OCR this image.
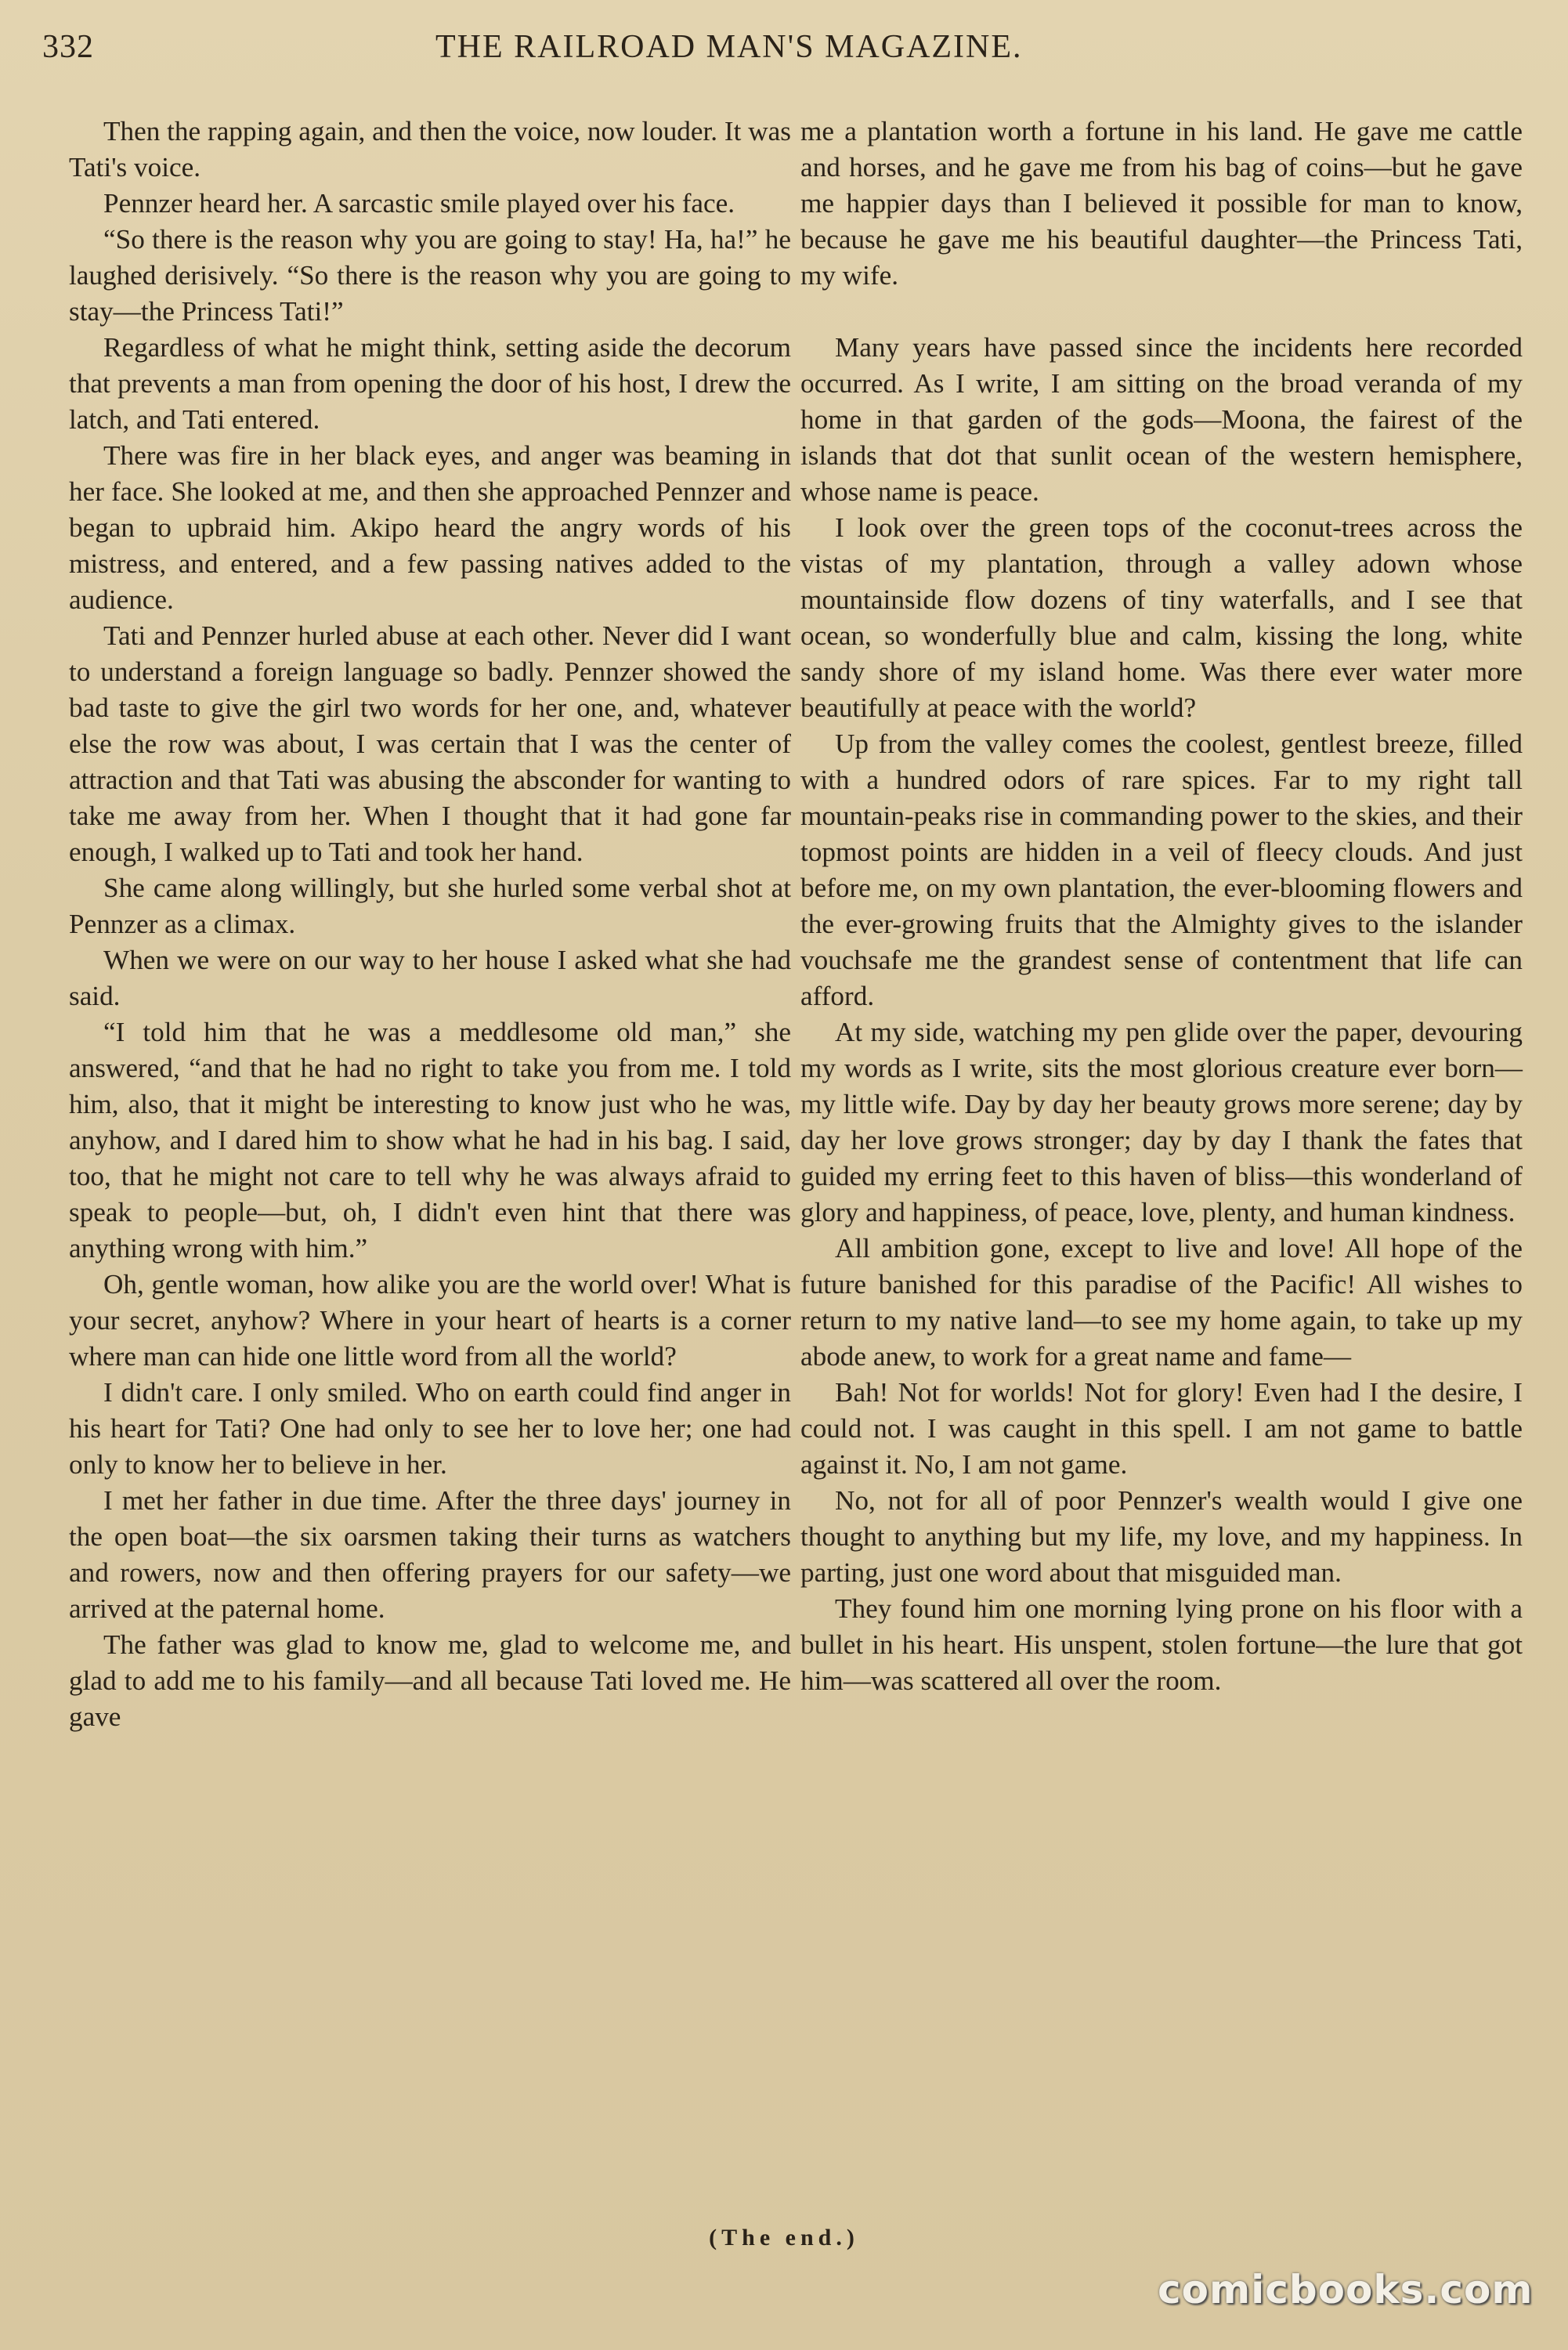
332	THE RAILROAD MAN'S MAGAZINE.

Then the rapping again, and then the voice, now louder. It was Tati's voice.

Pennzer heard her. A sarcastic smile played over his face.

“So there is the reason why you are going to stay! Ha, ha!” he laughed derisively. “So there is the reason why you are going to stay—the Princess Tati!”

Regardless of what he might think, setting aside the decorum that prevents a man from opening the door of his host, I drew the latch, and Tati entered.

There was fire in her black eyes, and anger was beaming in her face. She looked at me, and then she approached Pennzer and began to upbraid him. Akipo heard the angry words of his mistress, and entered, and a few passing natives added to the audience.

Tati and Pennzer hurled abuse at each other. Never did I want to understand a foreign language so badly. Pennzer showed the bad taste to give the girl two words for her one, and, whatever else the row was about, I was certain that I was the center of attraction and that Tati was abusing the absconder for wanting to take me away from her. When I thought that it had gone far enough, I walked up to Tati and took her hand.

She came along willingly, but she hurled some verbal shot at Pennzer as a climax.

When we were on our way to her house I asked what she had said.

“I told him that he was a meddlesome old man,” she answered, “and that he had no right to take you from me. I told him, also, that it might be interesting to know just who he was, anyhow, and I dared him to show what he had in his bag. I said, too, that he might not care to tell why he was always afraid to speak to people—but, oh, I didn't even hint that there was anything wrong with him.”

Oh, gentle woman, how alike you are the world over! What is your secret, anyhow? Where in your heart of hearts is a corner where man can hide one little word from all the world?

I didn't care. I only smiled. Who on earth could find anger in his heart for Tati? One had only to see her to love her; one had only to know her to believe in her.

I met her father in due time. After the three days' journey in the open boat—the six oarsmen taking their turns as watchers and rowers, now and then offering prayers for our safety—we arrived at the paternal home.

The father was glad to know me, glad to welcome me, and glad to add me to his family—and all because Tati loved me. He gave

me a plantation worth a fortune in his land. He gave me cattle and horses, and he gave me from his bag of coins—but he gave me happier days than I believed it possible for man to know, because he gave me his beautiful daughter—the Princess Tati, my wife.

Many years have passed since the incidents here recorded occurred. As I write, I am sitting on the broad veranda of my home in that garden of the gods—Moona, the fairest of the islands that dot that sunlit ocean of the western hemisphere, whose name is peace.

I look over the green tops of the coconut-trees across the vistas of my plantation, through a valley adown whose mountainside flow dozens of tiny waterfalls, and I see that ocean, so wonderfully blue and calm, kissing the long, white sandy shore of my island home. Was there ever water more beautifully at peace with the world?

Up from the valley comes the coolest, gentlest breeze, filled with a hundred odors of rare spices. Far to my right tall mountain-peaks rise in commanding power to the skies, and their topmost points are hidden in a veil of fleecy clouds. And just before me, on my own plantation, the ever-blooming flowers and the ever-growing fruits that the Almighty gives to the islander vouchsafe me the grandest sense of contentment that life can afford.

At my side, watching my pen glide over the paper, devouring my words as I write, sits the most glorious creature ever born—my little wife. Day by day her beauty grows more serene; day by day her love grows stronger; day by day I thank the fates that guided my erring feet to this haven of bliss—this wonderland of glory and happiness, of peace, love, plenty, and human kindness.

All ambition gone, except to live and love! All hope of the future banished for this paradise of the Pacific! All wishes to return to my native land—to see my home again, to take up my abode anew, to work for a great name and fame—

Bah! Not for worlds! Not for glory! Even had I the desire, I could not. I was caught in this spell. I am not game to battle against it. No, I am not game.

No, not for all of poor Pennzer's wealth would I give one thought to anything but my life, my love, and my happiness. In parting, just one word about that misguided man.

They found him one morning lying prone on his floor with a bullet in his heart. His unspent, stolen fortune—the lure that got him—was scattered all over the room.

(The end.)
comicbooks.com
